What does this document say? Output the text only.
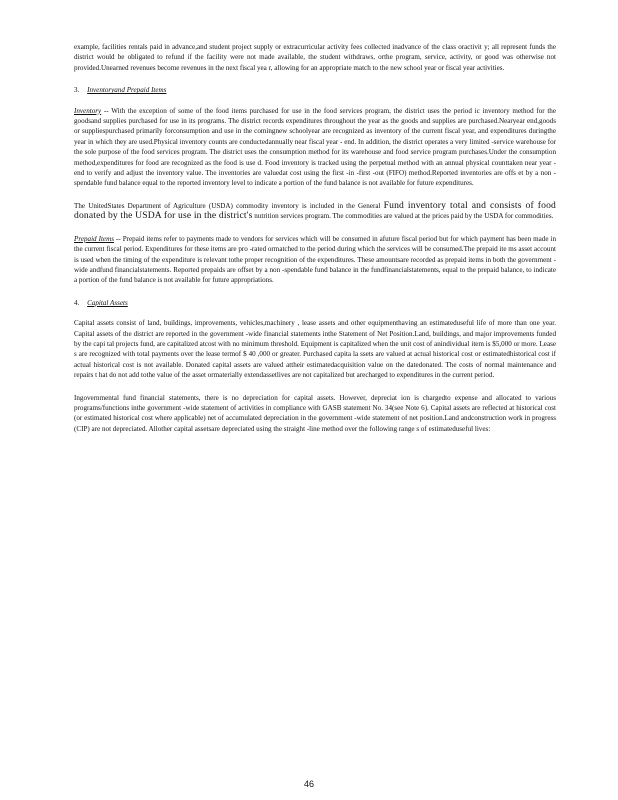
example, facilities rentals paid in advance,and student project supply or extracurricular activity fees collected inadvance of the class oractivit y; all represent funds the district would be obligated to refund if the facility were not made available, the student withdraws, orthe program, service, activity, or good was otherwise not provided.Unearned revenues become revenues in the next fiscal yea r, allowing for an appropriate match to the new school year or fiscal year activities.

3. Inventoryand Prepaid Items

Inventory -- With the exception of some of the food items purchased for use in the food services program, the district uses the period ic inventory method for the goodsand supplies purchased for use in its programs. The district records expenditures throughout the year as the goods and supplies are purchased.Nearyear end,goods or suppliespurchased primarily forconsumption and use in the comingnew schoolyear are recognized as inventory of the current fiscal year, and expenditures duringthe year in which they are used.Physical inventory counts are conductedannually near fiscal year - end. In addition, the district operates a very limited -service warehouse for the sole purpose of the food services program. The district uses the consumption method for its warehouse and food service program purchases.Under the consumption method,expenditures for food are recognized as the food is use d. Food inventory is tracked using the perpetual method with an annual physical counttaken near year - end to verify and adjust the inventory value. The inventories are valuedat cost using the first -in -first -out (FIFO) method.Reported inventories are offs et by a non -spendable fund balance equal to the reported inventory level to indicate a portion of the fund balance is not available for future expenditures.

The UnitedStates Department of Agriculture (USDA) commodity inventory is included in the General Fund inventory total and consists of food donated by the USDA for use in the district's nutrition services program. The commodities are valued at the prices paid by the USDA for commodities.

Prepaid Items -- Prepaid items refer to payments made to vendors for services which will be consumed in afuture fiscal period but for which payment has been made in the current fiscal period. Expenditures for these items are pro -rated ormatched to the period during which the services will be consumed.The prepaid ite ms asset account is used when the timing of the expenditure is relevant tothe proper recognition of the expenditures. These amountsare recorded as prepaid items in both the government -wide andfund financialstatements. Reported prepaids are offset by a non -spendable fund balance in the fundfinancialstatements, equal to the prepaid balance, to indicate a portion of the fund balance is not available for future appropriations.

4. Capital Assets

Capital assets consist of land, buildings, improvements, vehicles,machinery , lease assets and other equipmenthaving an estimateduseful life of more than one year. Capital assets of the district are reported in the government -wide financial statements inthe Statement of Net Position.Land, buildings, and major improvements funded by the capi tal projects fund, are capitalized atcost with no minimum threshold. Equipment is capitalized when the unit cost of anindividual item is $5,000 or more. Lease s are recognized with total payments over the lease termof $ 40 ,000 or greater. Purchased capita la ssets are valued at actual historical cost or estimatedhistorical cost if actual historical cost is not available. Donated capital assets are valued attheir estimatedacquisition value on the datedonated. The costs of normal maintenance and repairs t hat do not add tothe value of the asset ormaterially extendassetlives are not capitalized but arecharged to expenditures in the current period.

Ingovernmental fund financial statements, there is no depreciation for capital assets. However, depreciat ion is chargedto expense and allocated to various programs/functions inthe government -wide statement of activities in compliance with GASB statement No. 34(see Note 6). Capital assets are reflected at historical cost (or estimated historical cost where applicable) net of accumulated depreciation in the government -wide statement of net position.Land andconstruction work in progress (CIP) are not depreciated. Allother capital assetsare depreciated using the straight -line method over the following range s of estimateduseful lives:

46
